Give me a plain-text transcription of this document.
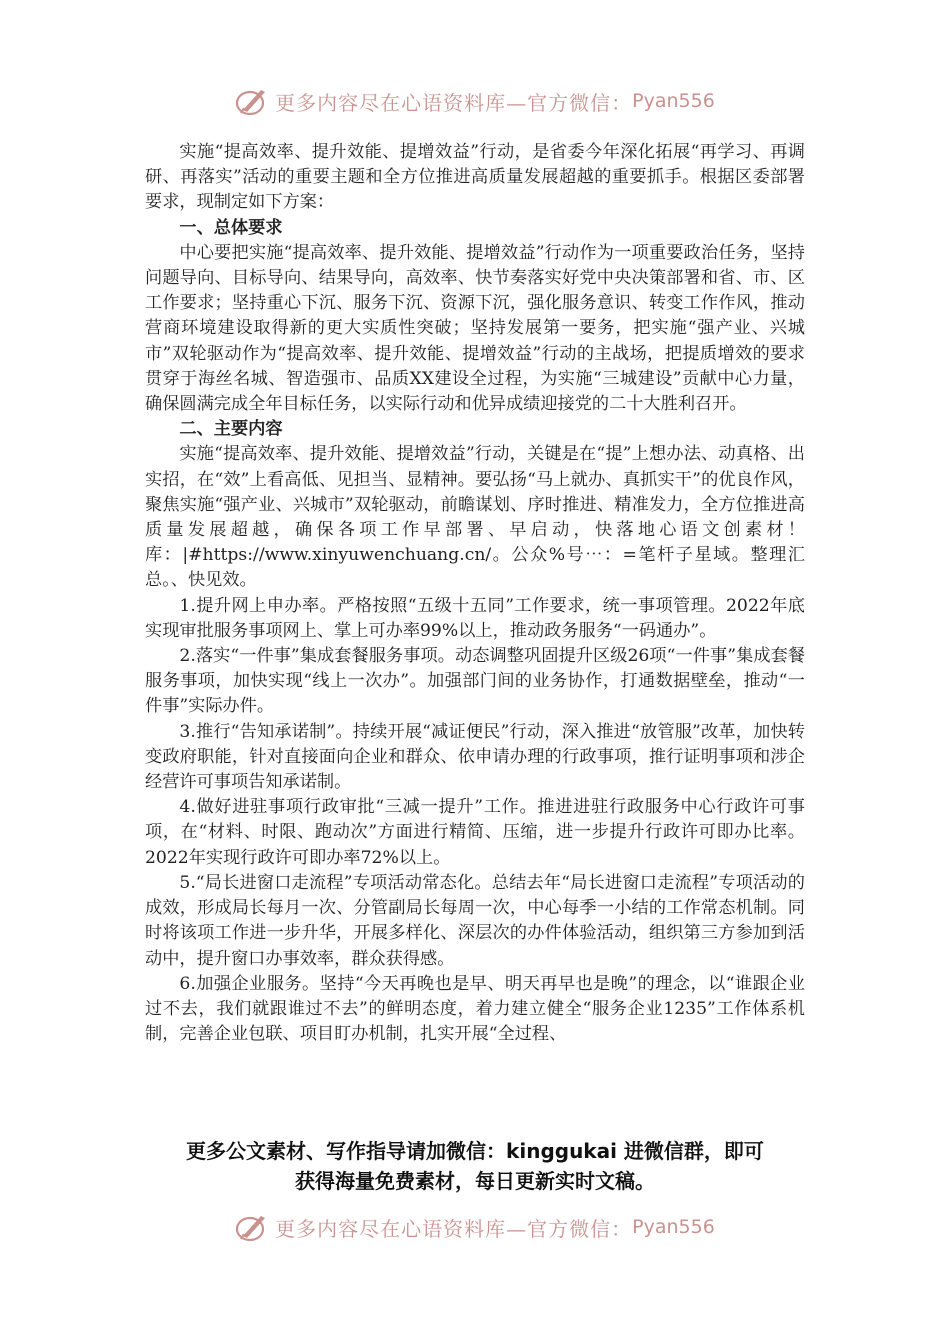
更多内容尽在心语资料库—官方微信： Pyan556

实施“提高效率、提升效能、提增效益”行动，是省委今年深化拓展“再学习、再调研、再落实”活动的重要主题和全方位推进高质量发展超越的重要抓手。根据区委部署要求，现制定如下方案：

一、总体要求

中心要把实施“提高效率、提升效能、提增效益”行动作为一项重要政治任务，坚持问题导向、目标导向、结果导向，高效率、快节奏落实好党中央决策部署和省、市、区工作要求；坚持重心下沉、服务下沉、资源下沉，强化服务意识、转变工作作风，推动营商环境建设取得新的更大实质性突破；坚持发展第一要务，把实施“强产业、兴城市”双轮驱动作为“提高效率、提升效能、提增效益”行动的主战场，把提质增效的要求贯穿于海丝名城、智造强市、品质XX建设全过程，为实施“三城建设”贡献中心力量，确保圆满完成全年目标任务，以实际行动和优异成绩迎接党的二十大胜利召开。

二、主要内容

实施“提高效率、提升效能、提增效益”行动，关键是在“提”上想办法、动真格、出实招，在“效”上看高低、见担当、显精神。要弘扬“马上就办、真抓实干”的优良作风，聚焦实施“强产业、兴城市”双轮驱动，前瞻谋划、序时推进、精准发力，全方位推进高质量发展超越，确保各项工作早部署、早启动，快落地心语文创素材！库：|#https://www.xinyuwenchuang.cn/。公众%号⋯：=笔杆子星域。整理汇总。、快见效。

1.提升网上申办率。严格按照“五级十五同”工作要求，统一事项管理。2022年底实现审批服务事项网上、掌上可办率99%以上，推动政务服务“一码通办”。

2.落实“一件事”集成套餐服务事项。动态调整巩固提升区级26项“一件事”集成套餐服务事项，加快实现“线上一次办”。加强部门间的业务协作，打通数据壁垒，推动“一件事”实际办件。

3.推行“告知承诺制”。持续开展“减证便民”行动，深入推进“放管服”改革，加快转变政府职能，针对直接面向企业和群众、依申请办理的行政事项，推行证明事项和涉企经营许可事项告知承诺制。

4.做好进驻事项行政审批“三减一提升”工作。推进进驻行政服务中心行政许可事项，在“材料、时限、跑动次”方面进行精简、压缩，进一步提升行政许可即办比率。2022年实现行政许可即办率72%以上。

5.“局长进窗口走流程”专项活动常态化。总结去年“局长进窗口走流程”专项活动的成效，形成局长每月一次、分管副局长每周一次，中心每季一小结的工作常态机制。同时将该项工作进一步升华，开展多样化、深层次的办件体验活动，组织第三方参加到活动中，提升窗口办事效率，群众获得感。

6.加强企业服务。坚持“今天再晚也是早、明天再早也是晚”的理念，以“谁跟企业过不去，我们就跟谁过不去”的鲜明态度，着力建立健全“服务企业1235”工作体系机制，完善企业包联、项目盯办机制，扎实开展“全过程、

更多公文素材、写作指导请加微信：kinggukai 进微信群，即可
获得海量免费素材，每日更新实时文稿。
更多内容尽在心语资料库—官方微信： Pyan556
